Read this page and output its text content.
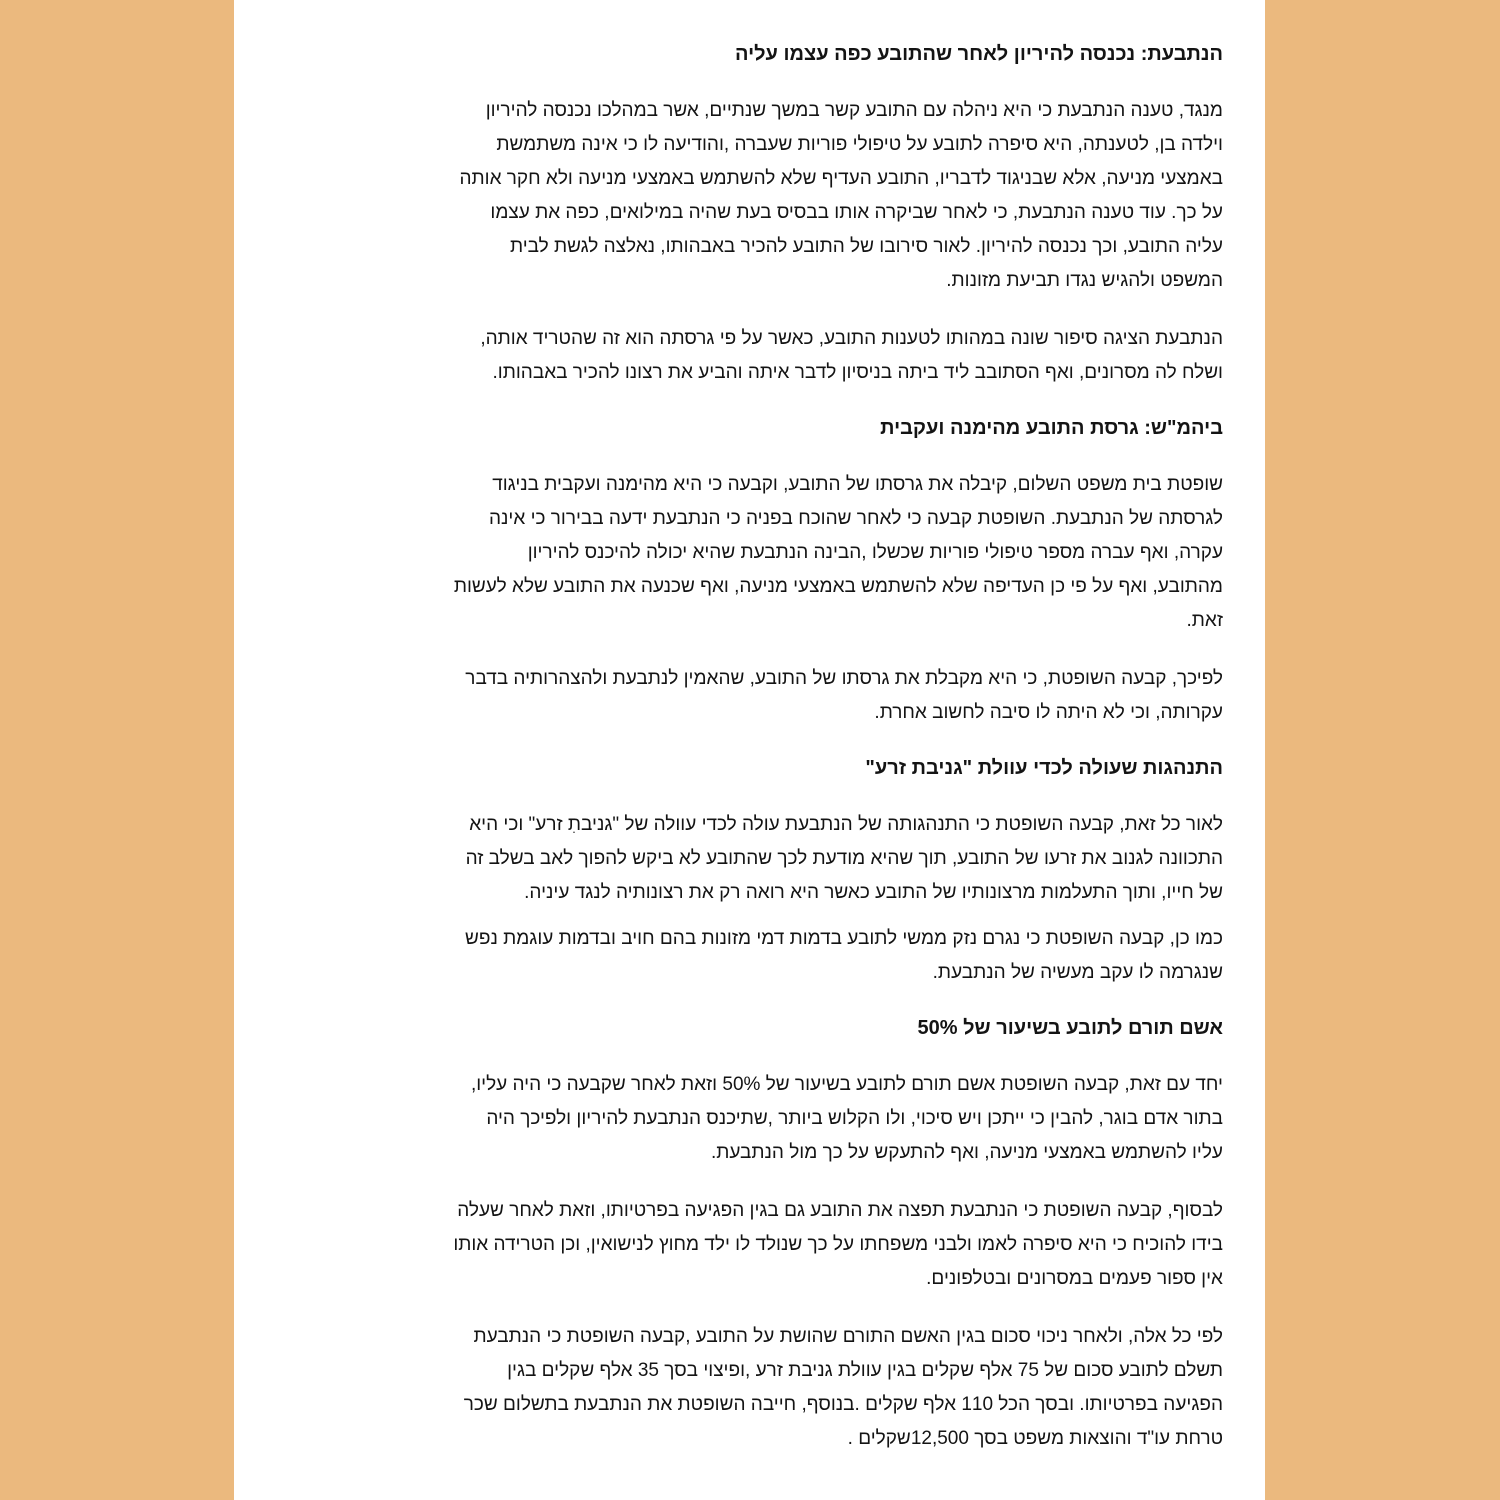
הנתבעת: נכנסה להיריון לאחר שהתובע כפה עצמו עליה
מנגד, טענה הנתבעת כי היא ניהלה עם התובע קשר במשך שנתיים, אשר במהלכו נכנסה להיריון
וילדה בן, לטענתה, היא סיפרה לתובע על טיפולי פוריות שעברה ,והודיעה לו כי אינה משתמשת
באמצעי מניעה, אלא שבניגוד לדבריו, התובע העדיף שלא להשתמש באמצעי מניעה ולא חקר אותה
על כך. עוד טענה הנתבעת, כי לאחר שביקרה אותו בבסיס בעת שהיה במילואים, כפה את עצמו
עליה התובע, וכך נכנסה להיריון. לאור סירובו של התובע להכיר באבהותו, נאלצה לגשת לבית
המשפט ולהגיש נגדו תביעת מזונות.
הנתבעת הציגה סיפור שונה במהותו לטענות התובע, כאשר על פי גרסתה הוא זה שהטריד אותה,
ושלח לה מסרונים, ואף הסתובב ליד ביתה בניסיון לדבר איתה והביע את רצונו להכיר באבהותו.
ביהמ"ש: גרסת התובע מהימנה ועקבית
שופטת בית משפט השלום, קיבלה את גרסתו של התובע, וקבעה כי היא מהימנה ועקבית בניגוד
לגרסתה של הנתבעת. השופטת קבעה כי לאחר שהוכח בפניה כי הנתבעת ידעה בבירור כי אינה
עקרה, ואף עברה מספר טיפולי פוריות שכשלו ,הבינה הנתבעת שהיא יכולה להיכנס להיריון
מהתובע, ואף על פי כן העדיפה שלא להשתמש באמצעי מניעה, ואף שכנעה את התובע שלא לעשות
זאת.
לפיכך, קבעה השופטת, כי היא מקבלת את גרסתו של התובע, שהאמין לנתבעת ולהצהרותיה בדבר
עקרותה, וכי לא היתה לו סיבה לחשוב אחרת.
התנהגות שעולה לכדי עוולת "גניבת זרע"
לאור כל זאת, קבעה השופטת כי התנהגותה של הנתבעת עולה לכדי עוולה של "גניבתִ זרע" וכי היא
התכוונה לגנוב את זרעו של התובע, תוך שהיא מודעת לכך שהתובע לא ביקש להפוך לאב בשלב זה
של חייו, ותוך התעלמות מרצונותיו של התובע כאשר היא רואה רק את רצונותיה לנגד עיניה.
כמו כן, קבעה השופטת כי נגרם נזק ממשי לתובע בדמות דמי מזונות בהם חויב ובדמות עוגמת נפש
שנגרמה לו עקב מעשיה של הנתבעת.
אשם תורם לתובע בשיעור של 50%
יחד עם זאת, קבעה השופטת אשם תורם לתובע בשיעור של 50% וזאת לאחר שקבעה כי היה עליו,
בתור אדם בוגר, להבין כי ייתכן ויש סיכוי, ולו הקלוש ביותר ,שתיכנס הנתבעת להיריון ולפיכך היה
עליו להשתמש באמצעי מניעה, ואף להתעקש על כך מול הנתבעת.
לבסוף, קבעה השופטת כי הנתבעת תפצה את התובע גם בגין הפגיעה בפרטיותו, וזאת לאחר שעלה
בידו להוכיח כי היא סיפרה לאמו ולבני משפחתו על כך שנולד לו ילד מחוץ לנישואין, וכן הטרידה אותו
אין ספור פעמים במסרונים ובטלפונים.
לפי כל אלה, ולאחר ניכוי סכום בגין האשם התורם שהושת על התובע ,קבעה השופטת כי הנתבעת
תשלם לתובע סכום של 75 אלף שקלים בגין עוולת גניבת זרע ,ופיצוי בסך 35 אלף שקלים בגין
הפגיעה בפרטיותו. ובסך הכל 110 אלף שקלים .בנוסף, חייבה השופטת את הנתבעת בתשלום שכר
טרחת עו"ד והוצאות משפט בסך 12,500שקלים .
